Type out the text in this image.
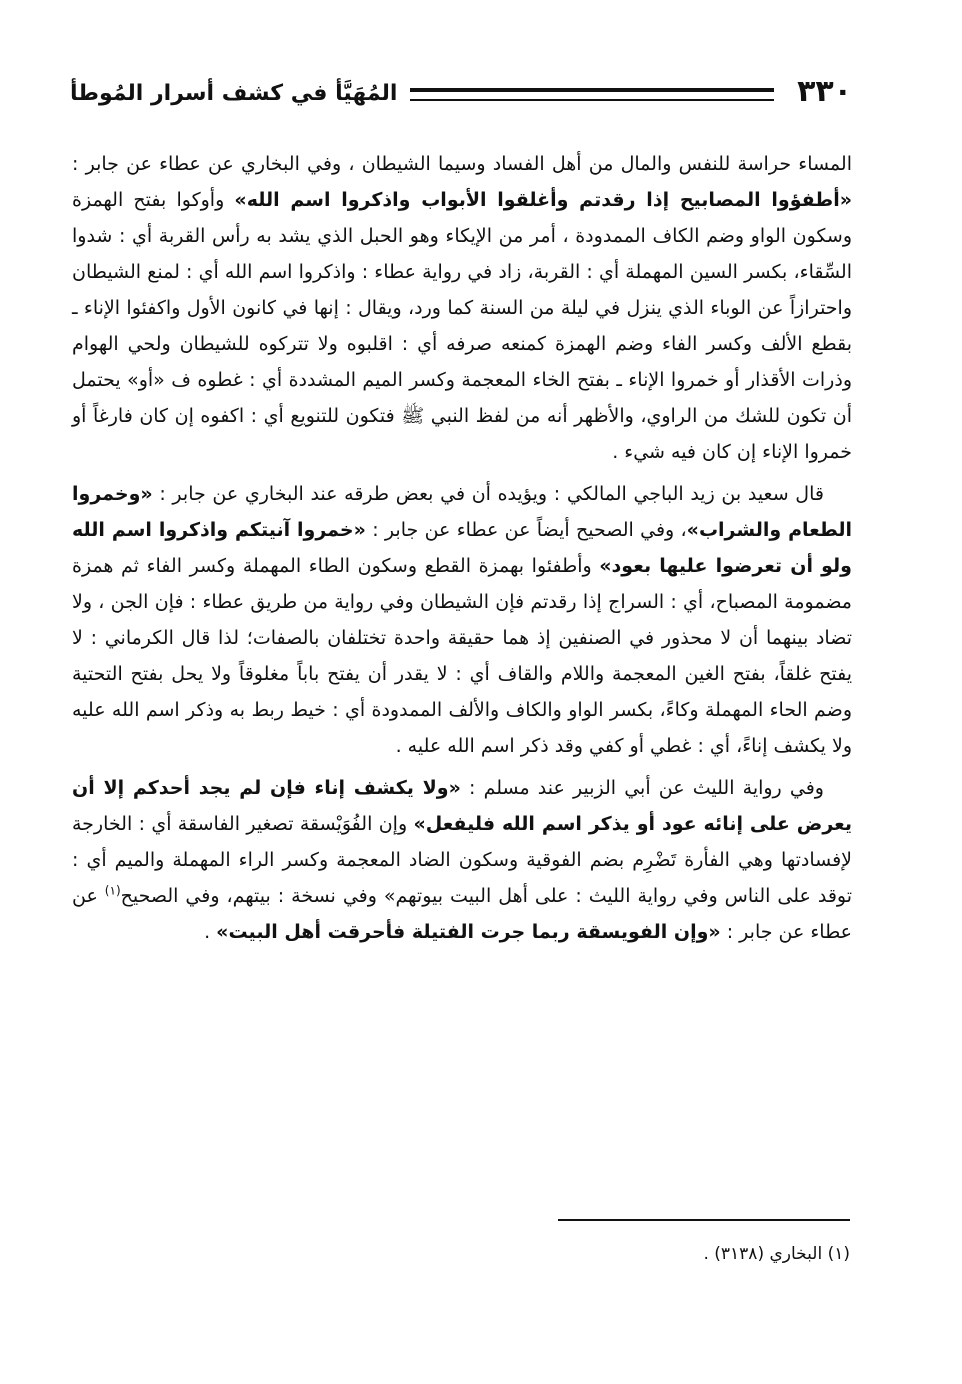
٣٣٠
المُهَيَّأ في كشف أسرار المُوطأ

المساء حراسة للنفس والمال من أهل الفساد وسيما الشيطان ، وفي البخاري عن عطاء عن جابر : «أطفؤوا المصابيح إذا رقدتم وأغلقوا الأبواب واذكروا اسم الله» وأوكوا بفتح الهمزة وسكون الواو وضم الكاف الممدودة ، أمر من الإيكاء وهو الحبل الذي يشد به رأس القربة أي : شدوا السِّقاء، بكسر السين المهملة أي : القربة، زاد في رواية عطاء : واذكروا اسم الله أي : لمنع الشيطان واحترازاً عن الوباء الذي ينزل في ليلة من السنة كما ورد، ويقال : إنها في كانون الأول واكفئوا الإناء ـ بقطع الألف وكسر الفاء وضم الهمزة كمنعه صرفه أي : اقلبوه ولا تتركوه للشيطان ولحي الهوام وذرات الأقذار أو خمروا الإناء ـ بفتح الخاء المعجمة وكسر الميم المشددة أي : غطوه ف «أو» يحتمل أن تكون للشك من الراوي، والأظهر أنه من لفظ النبي ﷺ فتكون للتنويع أي : اكفوه إن كان فارغاً أو خمروا الإناء إن كان فيه شيء .

قال سعيد بن زيد الباجي المالكي : ويؤيده أن في بعض طرقه عند البخاري عن جابر : «وخمروا الطعام والشراب»، وفي الصحيح أيضاً عن عطاء عن جابر : «خمروا آنيتكم واذكروا اسم الله ولو أن تعرضوا عليها بعود» وأطفئوا بهمزة القطع وسكون الطاء المهملة وكسر الفاء ثم همزة مضمومة المصباح، أي : السراج إذا رقدتم فإن الشيطان وفي رواية من طريق عطاء : فإن الجن ، ولا تضاد بينهما أن لا محذور في الصنفين إذ هما حقيقة واحدة تختلفان بالصفات؛ لذا قال الكرماني : لا يفتح غلقاً، بفتح الغين المعجمة واللام والقاف أي : لا يقدر أن يفتح باباً مغلوقاً ولا يحل بفتح التحتية وضم الحاء المهملة وكاءً، بكسر الواو والكاف والألف الممدودة أي : خيط ربط به وذكر اسم الله عليه ولا يكشف إناءً، أي : غطي أو كفي وقد ذكر اسم الله عليه .

وفي رواية الليث عن أبي الزبير عند مسلم : «ولا يكشف إناء فإن لم يجد أحدكم إلا أن يعرض على إنائه عود أو يذكر اسم الله فليفعل» وإن الفُوَيْسقة تصغير الفاسقة أي : الخارجة لإفسادتها وهي الفأرة تَضْرِم بضم الفوقية وسكون الضاد المعجمة وكسر الراء المهملة والميم أي : توقد على الناس وفي رواية الليث : على أهل البيت بيوتهم» وفي نسخة : بيتهم، وفي الصحيح$^{(١)}$ عن عطاء عن جابر : «وإن الفويسقة ربما جرت الفتيلة فأحرقت أهل البيت» .

(١) البخاري (٣١٣٨) .
